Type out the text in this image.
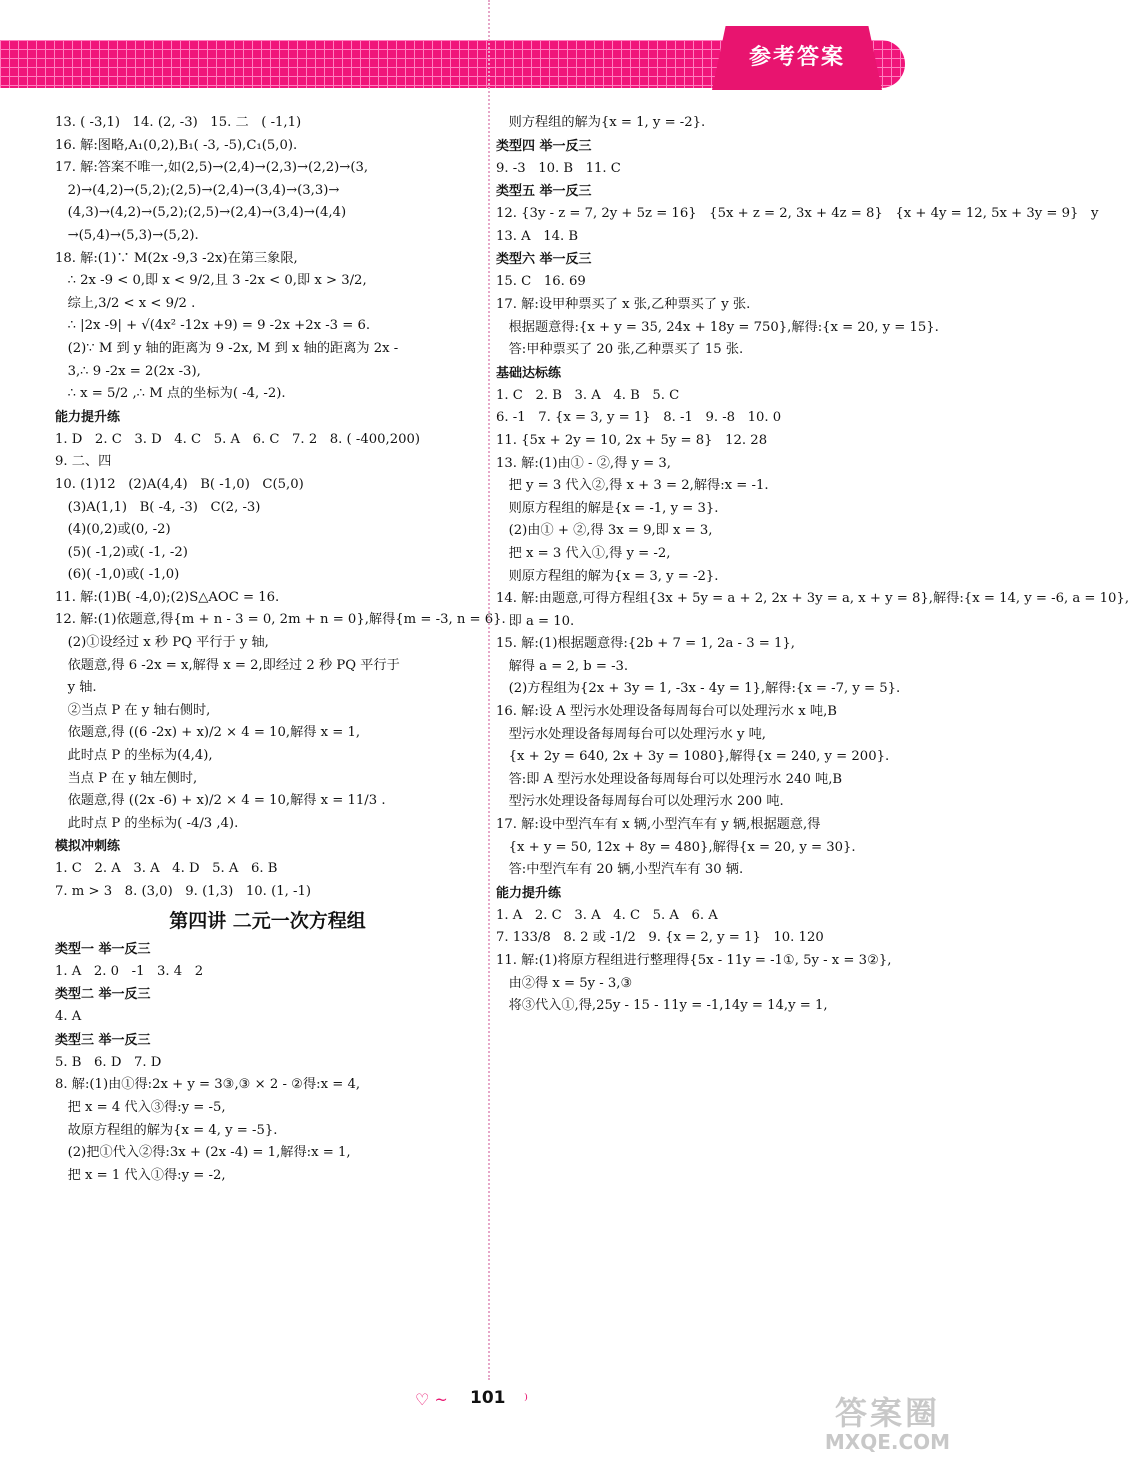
参考答案
13. ( -3,1)   14. (2, -3)   15. 二   ( -1,1)
16. 解:图略,A₁(0,2),B₁( -3, -5),C₁(5,0).
17. 解:答案不唯一,如(2,5)→(2,4)→(2,3)→(2,2)→(3,
2)→(4,2)→(5,2);(2,5)→(2,4)→(3,4)→(3,3)→
(4,3)→(4,2)→(5,2);(2,5)→(2,4)→(3,4)→(4,4)
→(5,4)→(5,3)→(5,2).
18. 解:(1)∵ M(2x -9,3 -2x)在第三象限,
∴ 2x -9 < 0,即 x < 9/2,且 3 -2x < 0,即 x > 3/2,
综上,3/2 < x < 9/2 .
∴ |2x -9| + √(4x² -12x +9) = 9 -2x +2x -3 = 6.
(2)∵ M 到 y 轴的距离为 9 -2x, M 到 x 轴的距离为 2x -
3,∴ 9 -2x = 2(2x -3),
∴ x = 5/2 ,∴ M 点的坐标为( -4, -2).
能力提升练
1. D   2. C   3. D   4. C   5. A   6. C   7. 2   8. ( -400,200)
9. 二、四
10. (1)12   (2)A(4,4)   B( -1,0)   C(5,0)
(3)A(1,1)   B( -4, -3)   C(2, -3)
(4)(0,2)或(0, -2)
(5)( -1,2)或( -1, -2)
(6)( -1,0)或( -1,0)
11. 解:(1)B( -4,0);(2)S△AOC = 16.
12. 解:(1)依题意,得{m + n - 3 = 0, 2m + n = 0},解得{m = -3, n = 6}.
(2)①设经过 x 秒 PQ 平行于 y 轴,
依题意,得 6 -2x = x,解得 x = 2,即经过 2 秒 PQ 平行于
y 轴.
②当点 P 在 y 轴右侧时,
依题意,得 ((6 -2x) + x)/2 × 4 = 10,解得 x = 1,
此时点 P 的坐标为(4,4),
当点 P 在 y 轴左侧时,
依题意,得 ((2x -6) + x)/2 × 4 = 10,解得 x = 11/3 .
此时点 P 的坐标为( -4/3 ,4).
模拟冲刺练
1. C   2. A   3. A   4. D   5. A   6. B
7. m > 3   8. (3,0)   9. (1,3)   10. (1, -1)
第四讲 二元一次方程组
类型一 举一反三
1. A   2. 0   -1   3. 4   2
类型二 举一反三
4. A
类型三 举一反三
5. B   6. D   7. D
8. 解:(1)由①得:2x + y = 3③,③ × 2 - ②得:x = 4,
把 x = 4 代入③得:y = -5,
故原方程组的解为{x = 4, y = -5}.
(2)把①代入②得:3x + (2x -4) = 1,解得:x = 1,
把 x = 1 代入①得:y = -2,
则方程组的解为{x = 1, y = -2}.
类型四 举一反三
9. -3   10. B   11. C
类型五 举一反三
12. {3y - z = 7, 2y + 5z = 16}   {5x + z = 2, 3x + 4z = 8}   {x + 4y = 12, 5x + 3y = 9}   y
13. A   14. B
类型六 举一反三
15. C   16. 69
17. 解:设甲种票买了 x 张,乙种票买了 y 张.
根据题意得:{x + y = 35, 24x + 18y = 750},解得:{x = 20, y = 15}.
答:甲种票买了 20 张,乙种票买了 15 张.
基础达标练
1. C   2. B   3. A   4. B   5. C
6. -1   7. {x = 3, y = 1}   8. -1   9. -8   10. 0
11. {5x + 2y = 10, 2x + 5y = 8}   12. 28
13. 解:(1)由① - ②,得 y = 3,
把 y = 3 代入②,得 x + 3 = 2,解得:x = -1.
则原方程组的解是{x = -1, y = 3}.
(2)由① + ②,得 3x = 9,即 x = 3,
把 x = 3 代入①,得 y = -2,
则原方程组的解为{x = 3, y = -2}.
14. 解:由题意,可得方程组{3x + 5y = a + 2, 2x + 3y = a, x + y = 8},解得:{x = 14, y = -6, a = 10},
即 a = 10.
15. 解:(1)根据题意得:{2b + 7 = 1, 2a - 3 = 1},
解得 a = 2, b = -3.
(2)方程组为{2x + 3y = 1, -3x - 4y = 1},解得:{x = -7, y = 5}.
16. 解:设 A 型污水处理设备每周每台可以处理污水 x 吨,B
型污水处理设备每周每台可以处理污水 y 吨,
{x + 2y = 640, 2x + 3y = 1080},解得{x = 240, y = 200}.
答:即 A 型污水处理设备每周每台可以处理污水 240 吨,B
型污水处理设备每周每台可以处理污水 200 吨.
17. 解:设中型汽车有 x 辆,小型汽车有 y 辆,根据题意,得
{x + y = 50, 12x + 8y = 480},解得{x = 20, y = 30}.
答:中型汽车有 20 辆,小型汽车有 30 辆.
能力提升练
1. A   2. C   3. A   4. C   5. A   6. A
7. 133/8   8. 2 或 -1/2   9. {x = 2, y = 1}   10. 120
11. 解:(1)将原方程组进行整理得{5x - 11y = -1①, 5y - x = 3②},
由②得 x = 5y - 3,③
将③代入①,得,25y - 15 - 11y = -1,14y = 14,y = 1,
♡ ~ 101 ⁾	答案圈
MXQE.COM
